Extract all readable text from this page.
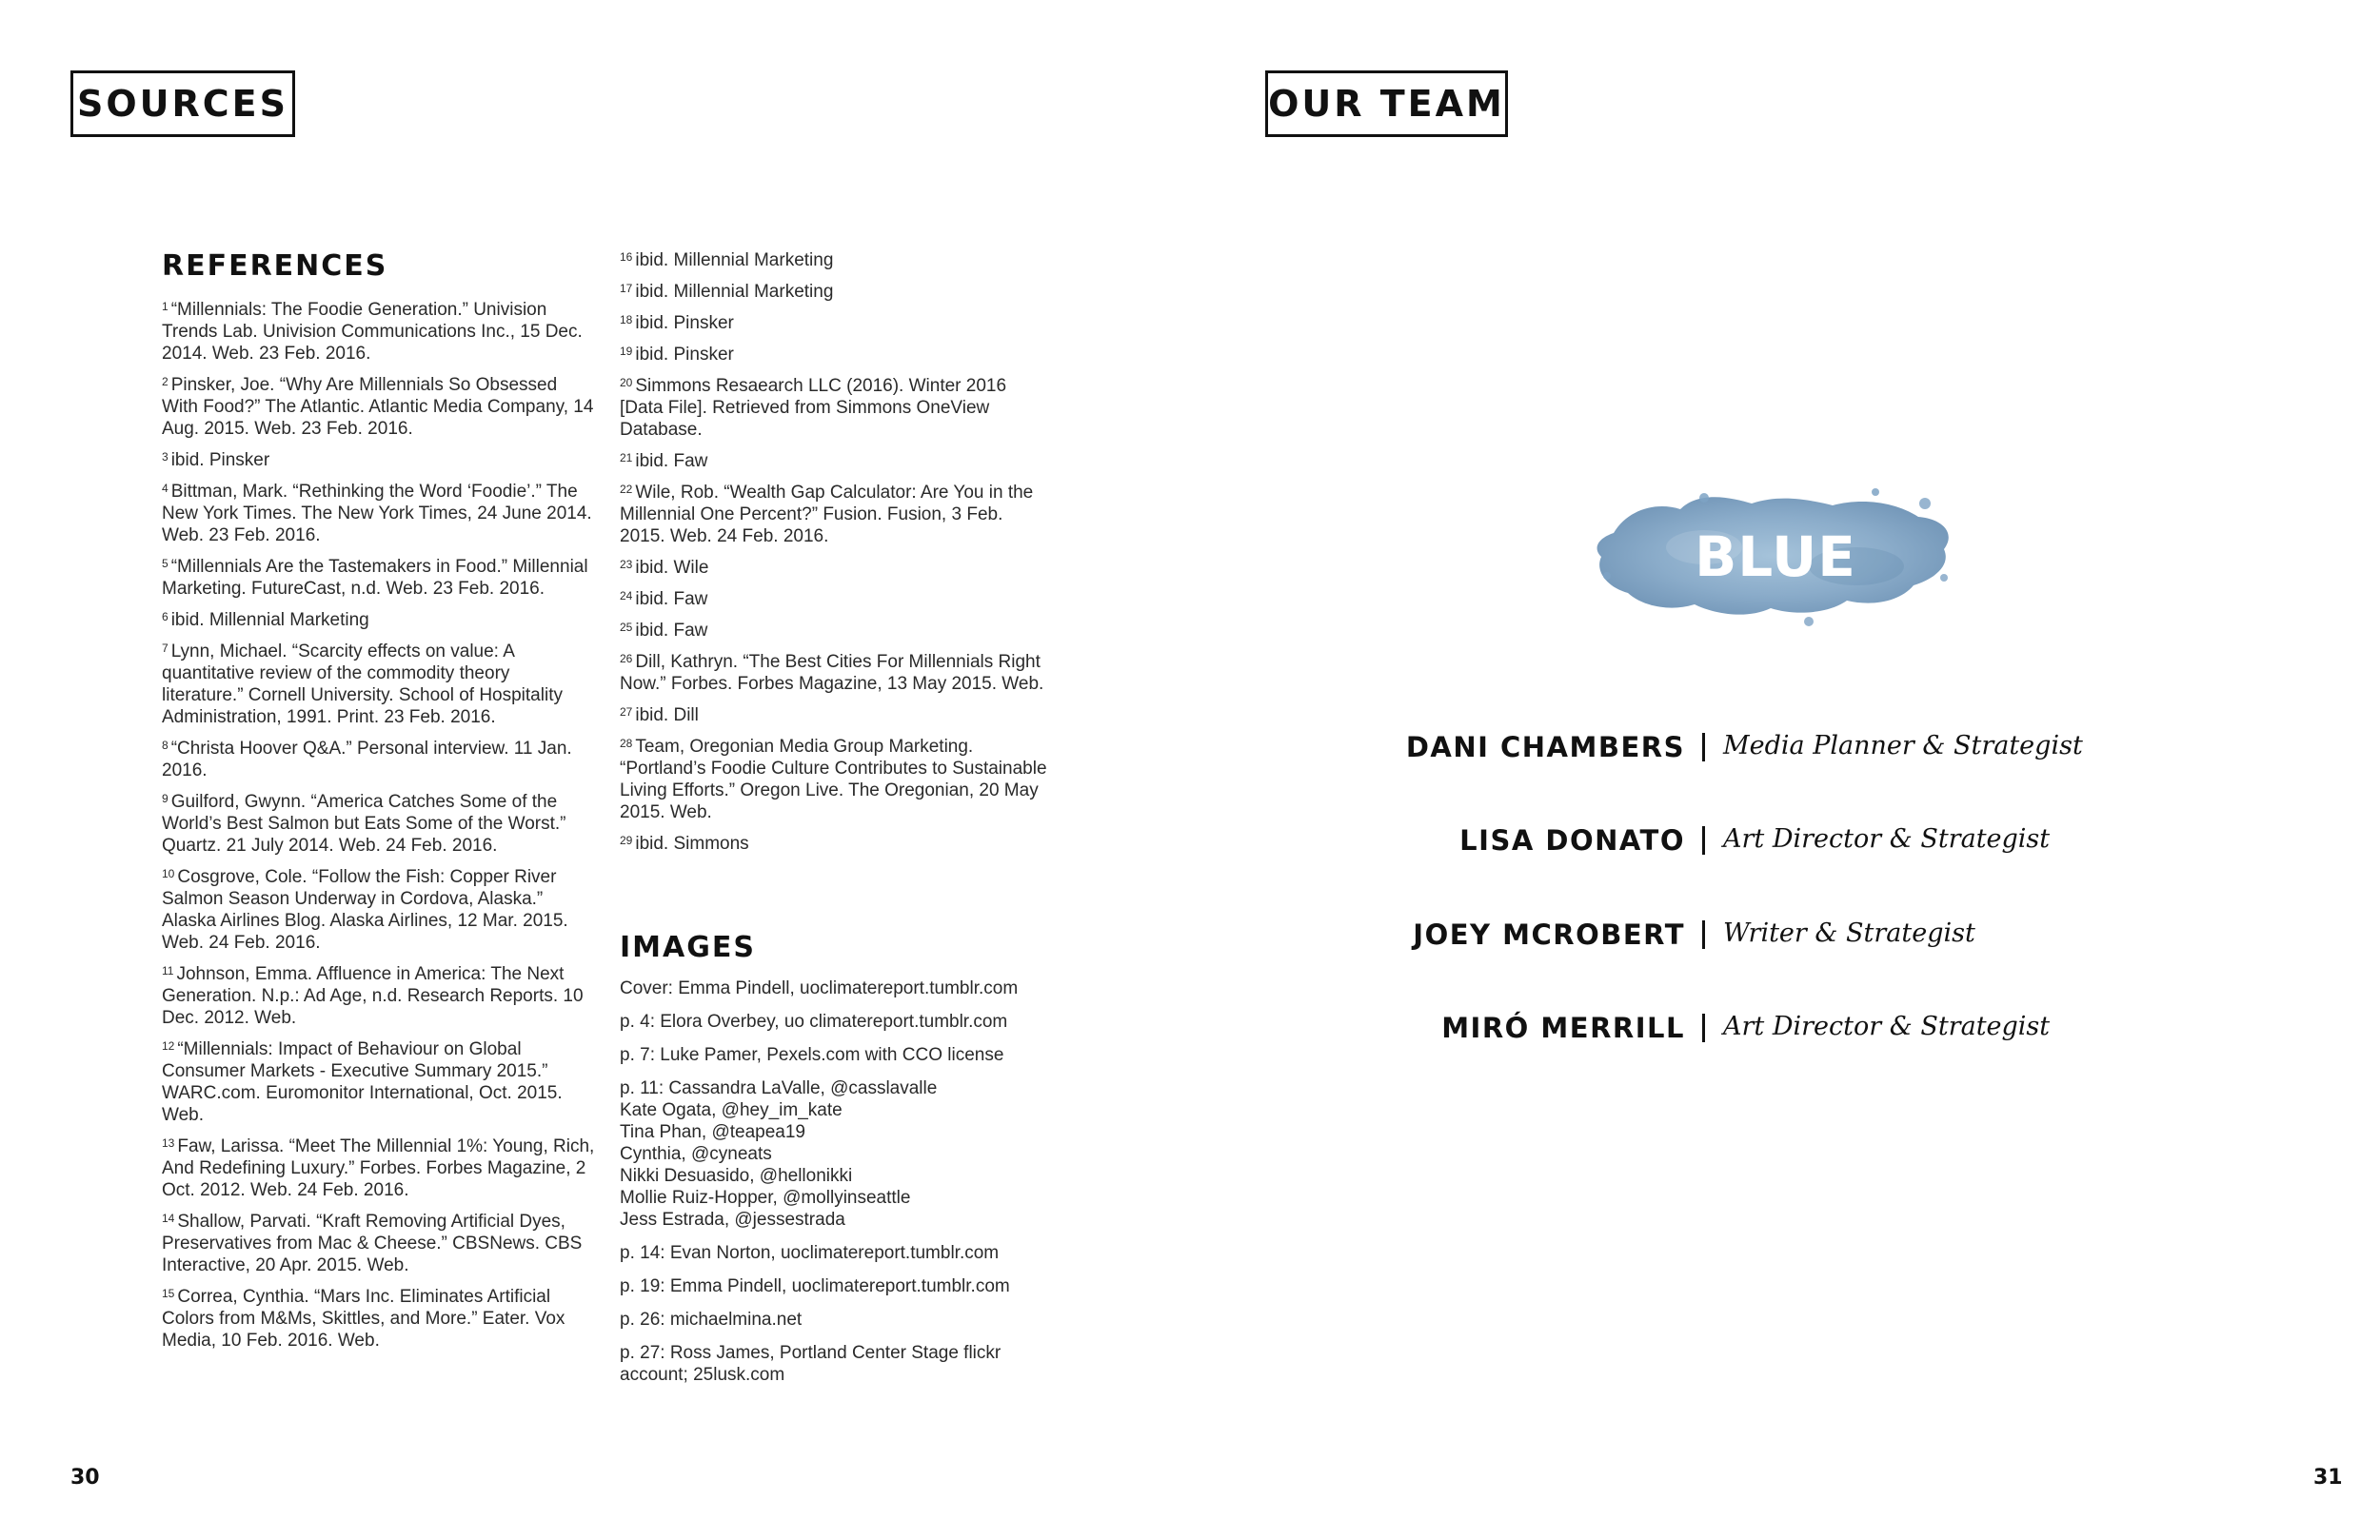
SOURCES
REFERENCES

$^1$ “Millennials: The Foodie Generation.” Univision Trends Lab. Univision Communications Inc., 15 Dec. 2014. Web. 23 Feb. 2016.

$^2$ Pinsker, Joe. “Why Are Millennials So Obsessed With Food?” The Atlantic. Atlantic Media Company, 14 Aug. 2015. Web. 23 Feb. 2016.

$^3$ ibid. Pinsker

$^4$ Bittman, Mark. “Rethinking the Word ‘Foodie’.” The New York Times. The New York Times, 24 June 2014. Web. 23 Feb. 2016.

$^5$ “Millennials Are the Tastemakers in Food.” Millennial Marketing. FutureCast, n.d. Web. 23 Feb. 2016.

$^6$ ibid. Millennial Marketing

$^7$ Lynn, Michael. “Scarcity effects on value: A quantitative review of the commodity theory literature.” Cornell University. School of Hospitality Administration, 1991. Print. 23 Feb. 2016.

$^8$ “Christa Hoover Q&A.” Personal interview. 11 Jan. 2016.

$^9$ Guilford, Gwynn. “America Catches Some of the World’s Best Salmon but Eats Some of the Worst.” Quartz. 21 July 2014. Web. 24 Feb. 2016.

$^{10}$ Cosgrove, Cole. “Follow the Fish: Copper River Salmon Season Underway in Cordova, Alaska.” Alaska Airlines Blog. Alaska Airlines, 12 Mar. 2015. Web. 24 Feb. 2016.

$^{11}$ Johnson, Emma. Affluence in America: The Next Generation. N.p.: Ad Age, n.d. Research Reports. 10 Dec. 2012. Web.

$^{12}$ “Millennials: Impact of Behaviour on Global Consumer Markets - Executive Summary 2015.” WARC.com. Euromonitor International, Oct. 2015. Web.

$^{13}$ Faw, Larissa. “Meet The Millennial 1%: Young, Rich, And Redefining Luxury.” Forbes. Forbes Magazine, 2 Oct. 2012. Web. 24 Feb. 2016.

$^{14}$ Shallow, Parvati. “Kraft Removing Artificial Dyes, Preservatives from Mac & Cheese.” CBSNews. CBS Interactive, 20 Apr. 2015. Web.

$^{15}$ Correa, Cynthia. “Mars Inc. Eliminates Artificial Colors from M&Ms, Skittles, and More.” Eater. Vox Media, 10 Feb. 2016. Web.

$^{16}$ ibid. Millennial Marketing

$^{17}$ ibid. Millennial Marketing

$^{18}$ ibid. Pinsker

$^{19}$ ibid. Pinsker

$^{20}$ Simmons Resaearch LLC (2016). Winter 2016 [Data File]. Retrieved from Simmons OneView Database.

$^{21}$ ibid. Faw

$^{22}$ Wile, Rob. “Wealth Gap Calculator: Are You in the Millennial One Percent?” Fusion. Fusion, 3 Feb. 2015. Web. 24 Feb. 2016.

$^{23}$ ibid. Wile

$^{24}$ ibid. Faw

$^{25}$ ibid. Faw

$^{26}$ Dill, Kathryn. “The Best Cities For Millennials Right Now.” Forbes. Forbes Magazine, 13 May 2015. Web.

$^{27}$ ibid. Dill

$^{28}$ Team, Oregonian Media Group Marketing. “Portland’s Foodie Culture Contributes to Sustainable Living Efforts.” Oregon Live. The Oregonian, 20 May 2015. Web.

$^{29}$ ibid. Simmons

IMAGES

Cover: Emma Pindell, uoclimatereport.tumblr.com

p. 4: Elora Overbey, uo climatereport.tumblr.com

p. 7: Luke Pamer, Pexels.com with CCO license

p. 11: Cassandra LaValle, @casslavalle
Kate Ogata, @hey_im_kate
Tina Phan, @teapea19
Cynthia, @cyneats
Nikki Desuasido, @hellonikki
Mollie Ruiz-Hopper, @mollyinseattle
Jess Estrada, @jessestrada

p. 14: Evan Norton, uoclimatereport.tumblr.com

p. 19: Emma Pindell, uoclimatereport.tumblr.com

p. 26: michaelmina.net

p. 27: Ross James, Portland Center Stage flickr account; 25lusk.com

30
OUR TEAM
BLUE
DANI CHAMBERS Media Planner & Strategist
LISA DONATO Art Director & Strategist
JOEY MCROBERT Writer & Strategist
MIRÓ MERRILL Art Director & Strategist
31
